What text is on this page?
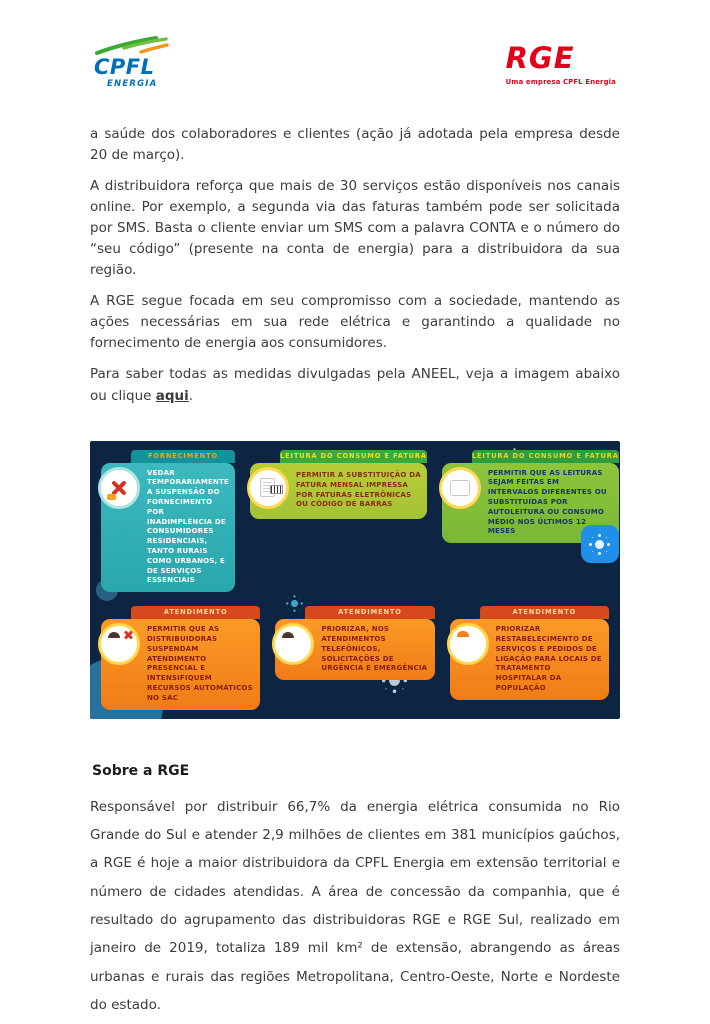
CPFL
ENERGIA
RGE
Uma empresa CPFL Energia

a saúde dos colaboradores e clientes (ação já adotada pela empresa desde 20 de março).

A distribuidora reforça que mais de 30 serviços estão disponíveis nos canais online. Por exemplo, a segunda via das faturas também pode ser solicitada por SMS. Basta o cliente enviar um SMS com a palavra CONTA e o número do “seu código” (presente na conta de energia) para a distribuidora da sua região.

A RGE segue focada em seu compromisso com a sociedade, mantendo as ações necessárias em sua rede elétrica e garantindo a qualidade no fornecimento de energia aos consumidores.

Para saber todas as medidas divulgadas pela ANEEL, veja a imagem abaixo ou clique aqui.

FORNECIMENTO
VEDAR TEMPORARIAMENTE A SUSPENSÃO DO FORNECIMENTO POR INADIMPLÊNCIA DE CONSUMIDORES RESIDENCIAIS, TANTO RURAIS COMO URBANOS, E DE SERVIÇOS ESSENCIAIS
LEITURA DO CONSUMO E FATURA
PERMITIR A SUBSTITUIÇÃO DA FATURA MENSAL IMPRESSA POR FATURAS ELETRÔNICAS OU CÓDIGO DE BARRAS
LEITURA DO CONSUMO E FATURA
PERMITIR QUE AS LEITURAS SEJAM FEITAS EM INTERVALOS DIFERENTES OU SUBSTITUÍDAS POR AUTOLEITURA OU CONSUMO MÉDIO NOS ÚLTIMOS 12 MESES
ATENDIMENTO
PERMITIR QUE AS DISTRIBUIDORAS SUSPENDAM ATENDIMENTO PRESENCIAL E INTENSIFIQUEM RECURSOS AUTOMÁTICOS NO SAC
ATENDIMENTO
PRIORIZAR, NOS ATENDIMENTOS TELEFÔNICOS, SOLICITAÇÕES DE URGÊNCIA E EMERGÊNCIA
ATENDIMENTO
PRIORIZAR RESTABELECIMENTO DE SERVIÇOS E PEDIDOS DE LIGAÇÃO PARA LOCAIS DE TRATAMENTO HOSPITALAR DA POPULAÇÃO
Sobre a RGE

Responsável por distribuir 66,7% da energia elétrica consumida no Rio Grande do Sul e atender 2,9 milhões de clientes em 381 municípios gaúchos, a RGE é hoje a maior distribuidora da CPFL Energia em extensão territorial e número de cidades atendidas. A área de concessão da companhia, que é resultado do agrupamento das distribuidoras RGE e RGE Sul, realizado em janeiro de 2019, totaliza 189 mil km² de extensão, abrangendo as áreas urbanas e rurais das regiões Metropolitana, Centro-Oeste, Norte e Nordeste do estado.
